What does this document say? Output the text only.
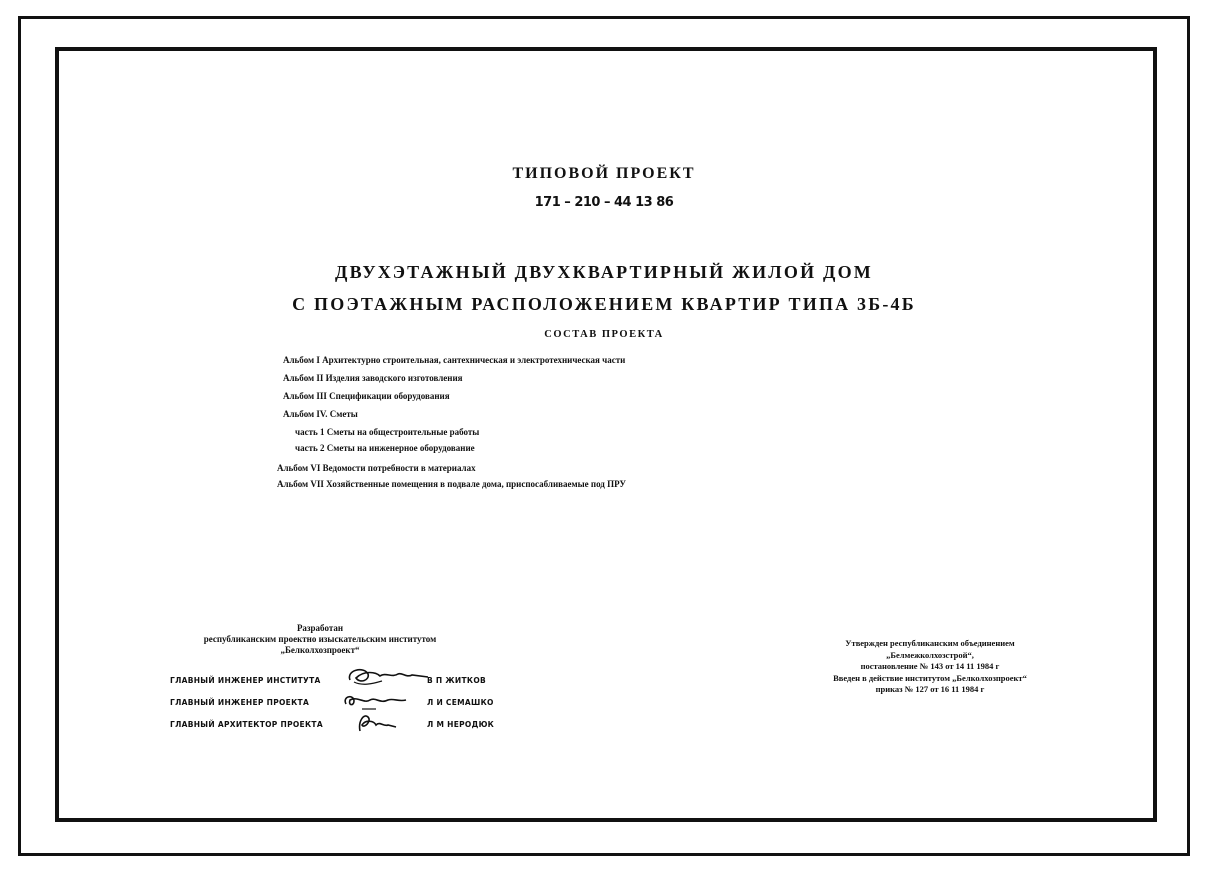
ТИПОВОЙ ПРОЕКТ
171 – 210 – 44 13 86
ДВУХЭТАЖНЫЙ ДВУХКВАРТИРНЫЙ ЖИЛОЙ ДОМ
С ПОЭТАЖНЫМ РАСПОЛОЖЕНИЕМ КВАРТИР ТИПА 3Б-4Б
СОСТАВ ПРОЕКТА
Альбом I Архитектурно строительная, сантехническая и электротехническая части
Альбом II Изделия заводского изготовления
Альбом III Спецификации оборудования
Альбом IV. Сметы
часть 1 Сметы на общестроительные работы
часть 2 Сметы на инженерное оборудование
Альбом VI Ведомости потребности в материалах
Альбом VII Хозяйственные помещения в подвале дома, приспосабливаемые под ПРУ
Разработан
республиканским проектно изыскательским институтом
„Белколхозпроект“
ГЛАВНЫЙ ИНЖЕНЕР ИНСТИТУТА	В П ЖИТКОВ
ГЛАВНЫЙ ИНЖЕНЕР ПРОЕКТА	Л И СЕМАШКО
ГЛАВНЫЙ АРХИТЕКТОР ПРОЕКТА	Л М НЕРОДЮК
Утвержден республиканским объединением
„Белмежколхозстрой“,
постановление № 143 от 14 11 1984 г
Введен в действие институтом „Белколхозпроект“
приказ № 127 от 16 11 1984 г
